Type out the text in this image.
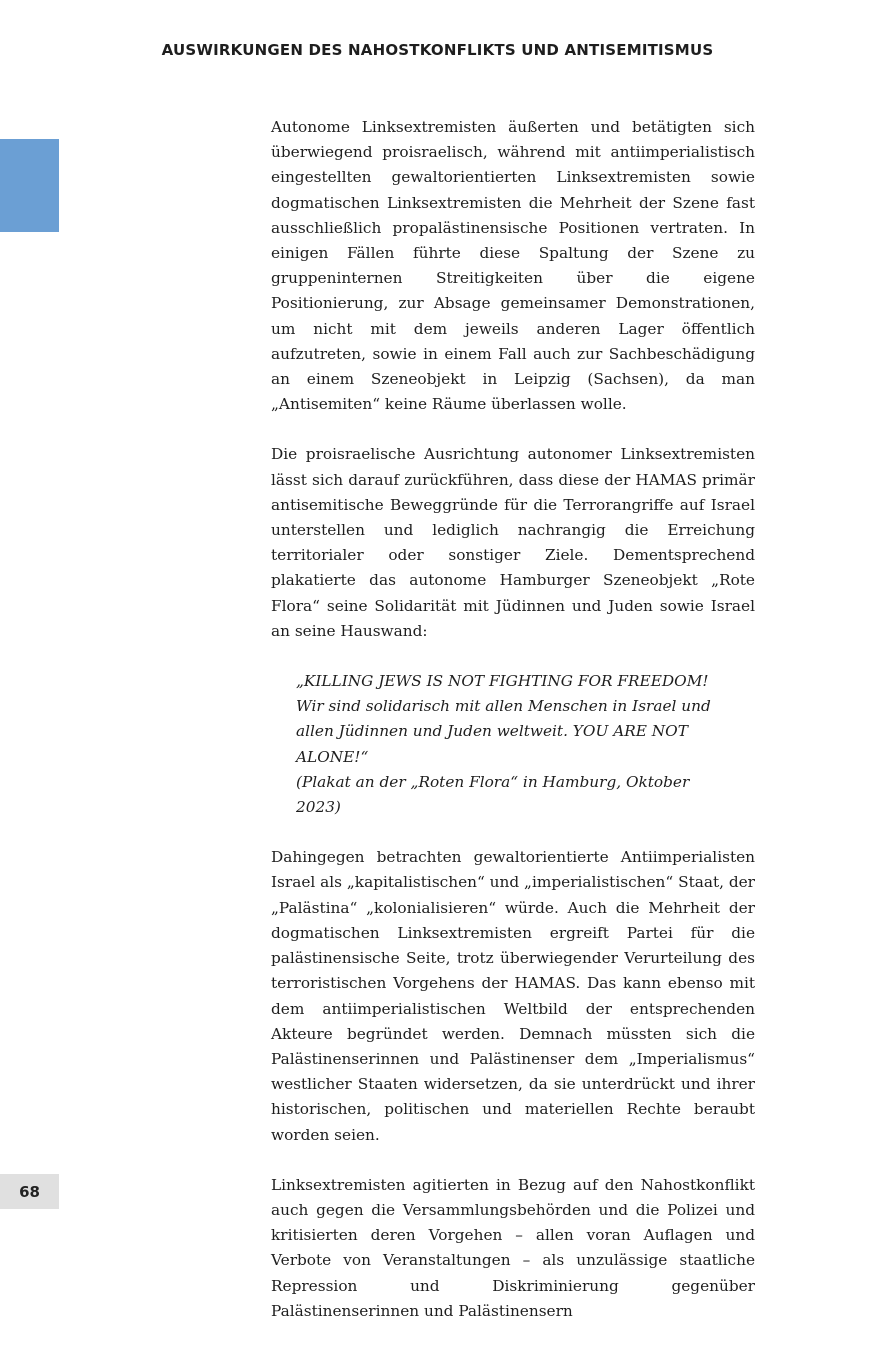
AUSWIRKUNGEN DES NAHOSTKONFLIKTS UND ANTISEMITISMUS

Autonome Linksextremisten äußerten und betätigten sich überwiegend proisraelisch, während mit antiimperialistisch eingestellten gewaltorientierten Linksextremisten sowie dogmatischen Linksextremisten die Mehrheit der Szene fast ausschließlich propalästinensische Positionen vertraten. In einigen Fällen führte diese Spaltung der Szene zu gruppeninternen Streitigkeiten über die eigene Positionierung, zur Absage gemeinsamer Demonstrationen, um nicht mit dem jeweils anderen Lager öffentlich aufzutreten, sowie in einem Fall auch zur Sachbeschädigung an einem Szeneobjekt in Leipzig (Sachsen), da man „Antisemiten“ keine Räume überlassen wolle.

Die proisraelische Ausrichtung autonomer Linksextremisten lässt sich darauf zurückführen, dass diese der HAMAS primär antisemitische Beweggründe für die Terrorangriffe auf Israel unterstellen und lediglich nachrangig die Erreichung territorialer oder sonstiger Ziele. Dementsprechend plakatierte das autonome Hamburger Szeneobjekt „Rote Flora“ seine Solidarität mit Jüdinnen und Juden sowie Israel an seine Hauswand:

„KILLING JEWS IS NOT FIGHTING FOR FREEDOM! Wir sind solidarisch mit allen Menschen in Israel und allen Jüdinnen und Juden weltweit. YOU ARE NOT ALONE!“
(Plakat an der „Roten Flora“ in Hamburg, Oktober 2023)

Dahingegen betrachten gewaltorientierte Antiimperialisten Israel als „kapitalistischen“ und „imperialistischen“ Staat, der „Palästina“ „kolonialisieren“ würde. Auch die Mehrheit der dogmatischen Linksextremisten ergreift Partei für die palästinensische Seite, trotz überwiegender Verurteilung des terroristischen Vorgehens der HAMAS. Das kann ebenso mit dem antiimperialistischen Weltbild der entsprechenden Akteure begründet werden. Demnach müssten sich die Palästinenserinnen und Palästinenser dem „Imperialismus“ westlicher Staaten widersetzen, da sie unterdrückt und ihrer historischen, politischen und materiellen Rechte beraubt worden seien.

Linksextremisten agitierten in Bezug auf den Nahostkonflikt auch gegen die Versammlungsbehörden und die Polizei und kritisierten deren Vorgehen – allen voran Auflagen und Verbote von Veranstaltungen – als unzulässige staatliche Repression und Diskriminierung gegenüber Palästinenserinnen und Palästinensern

68
